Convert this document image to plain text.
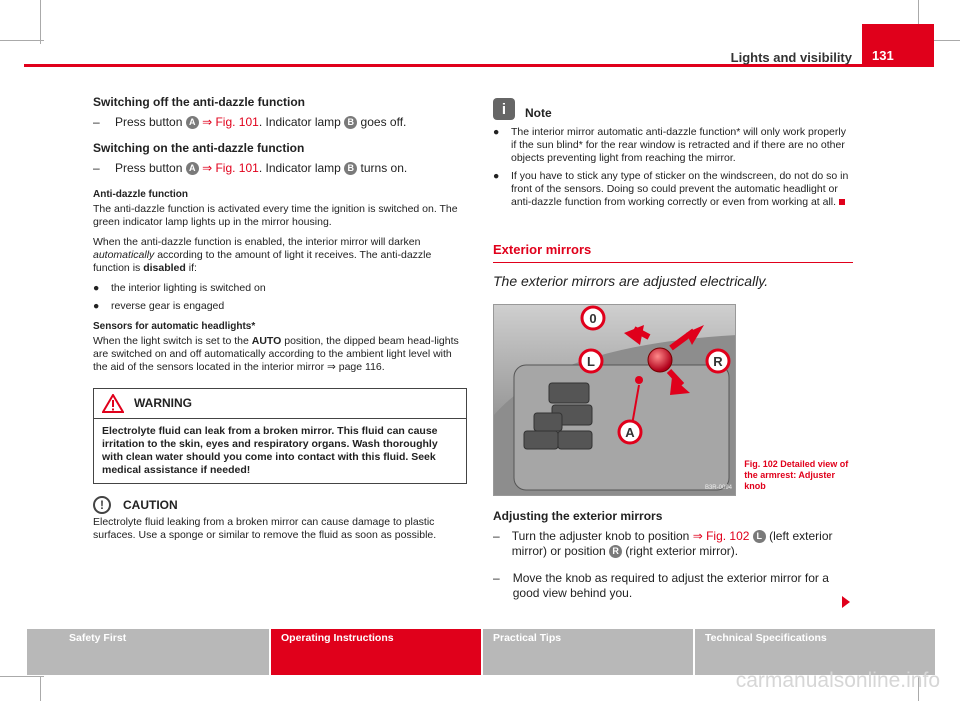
Lights and visibility	131
Switching off the anti-dazzle function
– Press button A ⇒ Fig. 101. Indicator lamp B goes off.
Switching on the anti-dazzle function
– Press button A ⇒ Fig. 101. Indicator lamp B turns on.
Anti-dazzle function

The anti-dazzle function is activated every time the ignition is switched on. The green indicator lamp lights up in the mirror housing.

When the anti-dazzle function is enabled, the interior mirror will darken automatically according to the amount of light it receives. The anti-dazzle function is disabled if:

● the interior lighting is switched on
● reverse gear is engaged
Sensors for automatic headlights*

When the light switch is set to the AUTO position, the dipped beam head-lights are switched on and off automatically according to the ambient light level with the aid of the sensors located in the interior mirror ⇒ page 116.

WARNING
Electrolyte fluid can leak from a broken mirror. This fluid can cause irritation to the skin, eyes and respiratory organs. Wash thoroughly with clean water should you come into contact with this fluid. Seek medical assistance if needed!
!	CAUTION

Electrolyte fluid leaking from a broken mirror can cause damage to plastic surfaces. Use a sponge or similar to remove the fluid as soon as possible.

i	Note
● The interior mirror automatic anti-dazzle function* will only work properly if the sun blind* for the rear window is retracted and if there are no other objects preventing light from reaching the mirror.
● If you have to stick any type of sticker on the windscreen, do not do so in front of the sensors. Doing so could prevent the automatic headlight or anti-dazzle function from working correctly or even from working at all.
Exterior mirrors
The exterior mirrors are adjusted electrically.
0
L	R
A
B3R-0094
Fig. 102 Detailed view of the armrest: Adjuster knob
Adjusting the exterior mirrors
– Turn the adjuster knob to position ⇒ Fig. 102 L (left exterior mirror) or position R (right exterior mirror).
– Move the knob as required to adjust the exterior mirror for a good view behind you.
Safety First	Operating Instructions	Practical Tips	Technical Specifications
carmanualsonline.info
